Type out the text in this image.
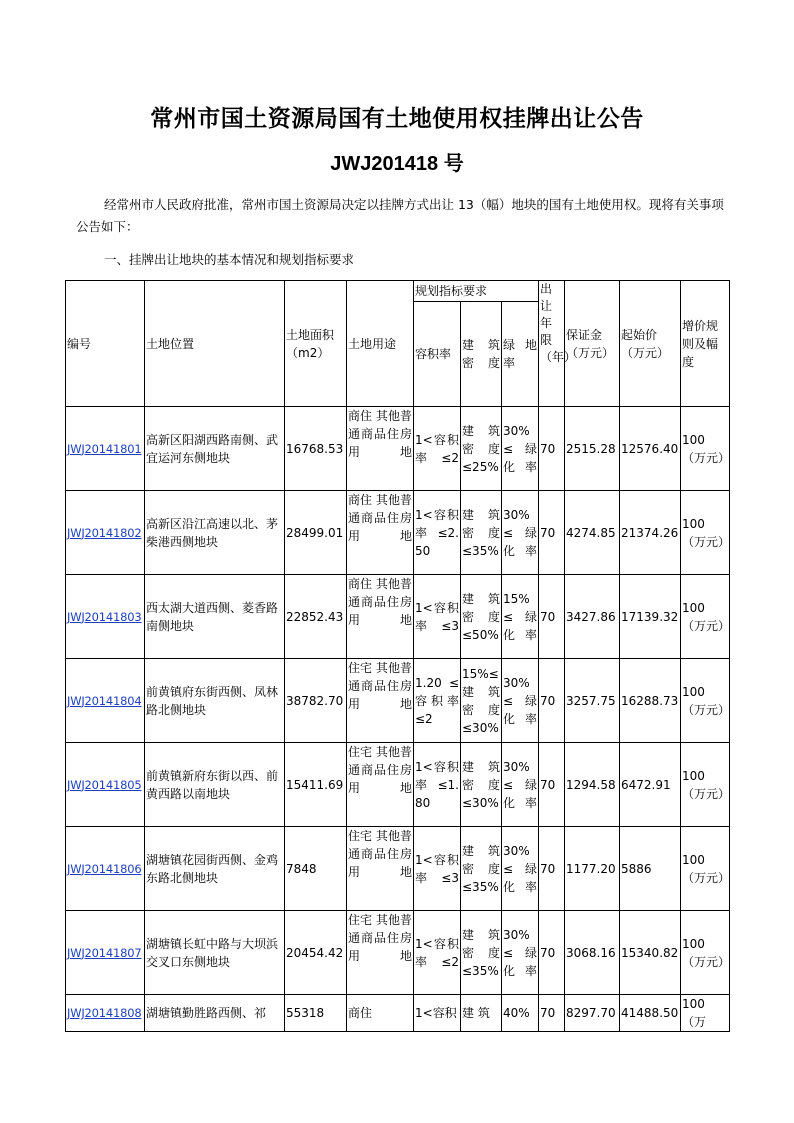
常州市国土资源局国有土地使用权挂牌出让公告
JWJ201418 号
经常州市人民政府批准，常州市国土资源局决定以挂牌方式出让 13（幅）地块的国有土地使用权。现将有关事项公告如下：
一、挂牌出让地块的基本情况和规划指标要求
编号	土地位置	土地面积（m2）	土地用途	规划指标要求			出让年限（年）	保证金（万元）	起始价（万元）	增价规则及幅度
				容积率	建 筑密度	绿 地率				
JWJ20141801	高新区阳湖西路南侧、武宜运河东侧地块	16768.53	商住 其他普通商品住房用地	1<容积率≤2	建 筑 密 度 ≤25%	30% ≤ 绿化率	70	2515.28	12576.40	100（万元）
JWJ20141802	高新区沿江高速以北、茅柴港西侧地块	28499.01	商住 其他普通商品住房用地	1<容积率 ≤2.50	建 筑 密 度 ≤35%	30% ≤ 绿化率	70	4274.85	21374.26	100（万元）
JWJ20141803	西太湖大道西侧、菱香路南侧地块	22852.43	商住 其他普通商品住房用地	1<容积率≤3	建 筑 密 度 ≤50%	15% ≤ 绿化率	70	3427.86	17139.32	100（万元）
JWJ20141804	前黄镇府东街西侧、凤林路北侧地块	38782.70	住宅 其他普通商品住房用地	1.20 ≤容积率≤2	15%≤ 建 筑 密 度 ≤30%	30% ≤ 绿化率	70	3257.75	16288.73	100（万元）
JWJ20141805	前黄镇新府东街以西、前黄西路以南地块	15411.69	住宅 其他普通商品住房用地	1<容积率 ≤1.80	建 筑 密 度 ≤30%	30% ≤ 绿化率	70	1294.58	6472.91	100（万元）
JWJ20141806	湖塘镇花园街西侧、金鸡东路北侧地块	7848	住宅 其他普通商品住房用地	1<容积率≤3	建 筑 密 度 ≤35%	30% ≤ 绿化率	70	1177.20	5886	100（万元）
JWJ20141807	湖塘镇长虹中路与大坝浜交叉口东侧地块	20454.42	住宅 其他普通商品住房用地	1<容积率≤2	建 筑 密 度 ≤35%	30% ≤ 绿化率	70	3068.16	15340.82	100（万元）
JWJ20141808	湖塘镇勤胜路西侧、祁	55318	商住	1<容积	建 筑	40%	70	8297.70	41488.50	100（万
